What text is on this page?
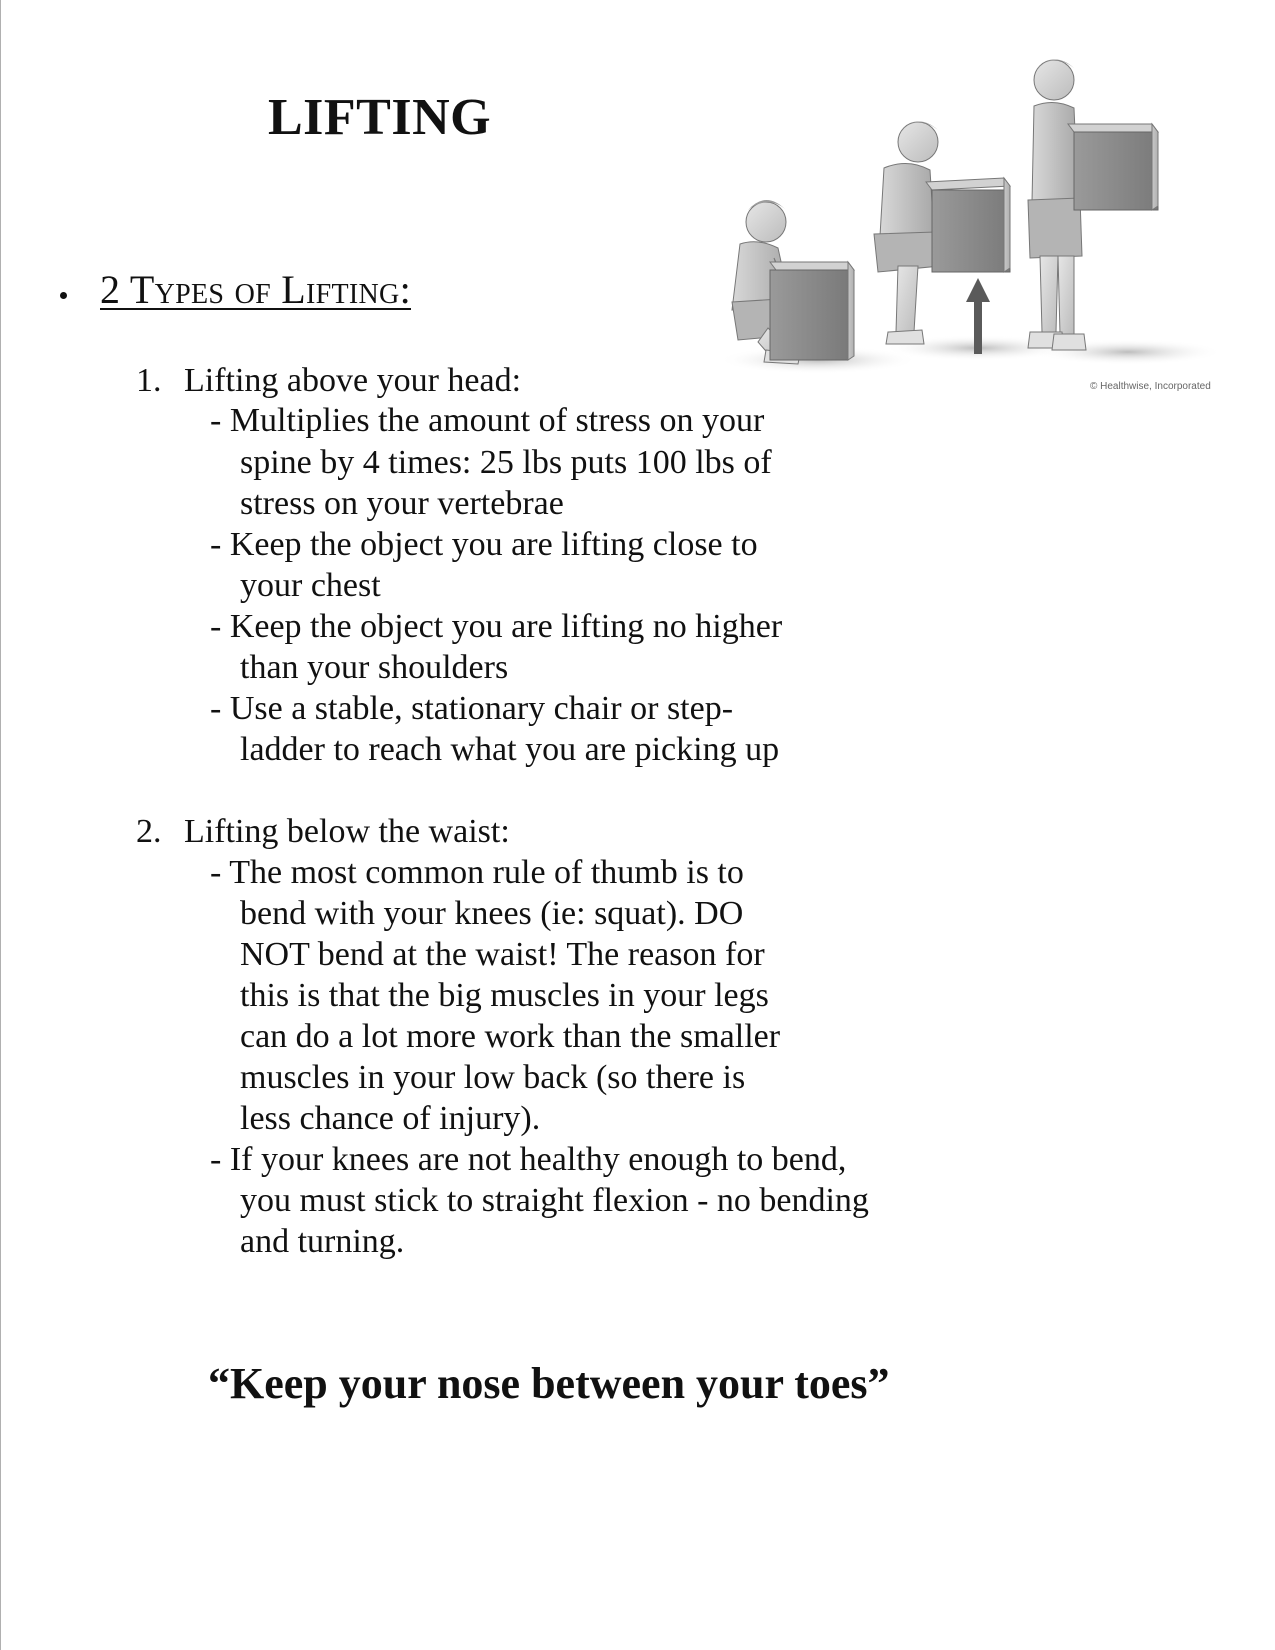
LIFTING
2 Types of Lifting:
1. Lifting above your head:
- Multiplies the amount of stress on your
spine by 4 times: 25 lbs puts 100 lbs of
stress on your vertebrae
- Keep the object you are lifting close to
your chest
- Keep the object you are lifting no higher
than your shoulders
- Use a stable, stationary chair or step-
ladder to reach what you are picking up
2. Lifting below the waist:
- The most common rule of thumb is to
bend with your knees (ie: squat). DO
NOT bend at the waist! The reason for
this is that the big muscles in your legs
can do a lot more work than the smaller
muscles in your low back (so there is
less chance of injury).
- If your knees are not healthy enough to bend,
you must stick to straight flexion - no bending
and turning.
“Keep your nose between your toes”
© Healthwise, Incorporated
